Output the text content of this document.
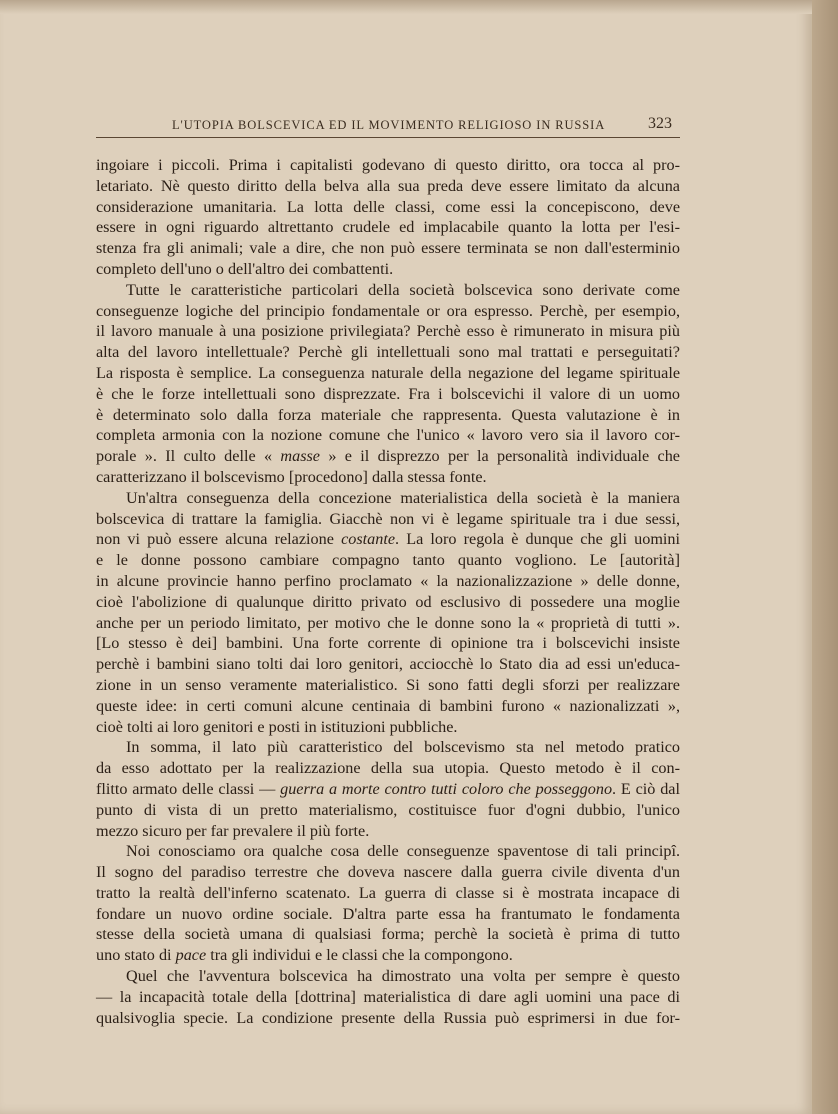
L'UTOPIA BOLSCEVICA ED IL MOVIMENTO RELIGIOSO IN RUSSIA	323
ingoiare i piccoli. Prima i capitalisti godevano di questo diritto, ora tocca al pro-
letariato. Nè questo diritto della belva alla sua preda deve essere limitato da alcuna
considerazione umanitaria. La lotta delle classi, come essi la concepiscono, deve
essere in ogni riguardo altrettanto crudele ed implacabile quanto la lotta per l'esi-
stenza fra gli animali; vale a dire, che non può essere terminata se non dall'esterminio
completo dell'uno o dell'altro dei combattenti.
Tutte le caratteristiche particolari della società bolscevica sono derivate come
conseguenze logiche del principio fondamentale or ora espresso. Perchè, per esempio,
il lavoro manuale à una posizione privilegiata? Perchè esso è rimunerato in misura più
alta del lavoro intellettuale? Perchè gli intellettuali sono mal trattati e perseguitati?
La risposta è semplice. La conseguenza naturale della negazione del legame spirituale
è che le forze intellettuali sono disprezzate. Fra i bolscevichi il valore di un uomo
è determinato solo dalla forza materiale che rappresenta. Questa valutazione è in
completa armonia con la nozione comune che l'unico « lavoro vero sia il lavoro cor-
porale ». Il culto delle « masse » e il disprezzo per la personalità individuale che
caratterizzano il bolscevismo [procedono] dalla stessa fonte.
Un'altra conseguenza della concezione materialistica della società è la maniera
bolscevica di trattare la famiglia. Giacchè non vi è legame spirituale tra i due sessi,
non vi può essere alcuna relazione costante. La loro regola è dunque che gli uomini
e le donne possono cambiare compagno tanto quanto vogliono. Le [autorità]
in alcune provincie hanno perfino proclamato « la nazionalizzazione » delle donne,
cioè l'abolizione di qualunque diritto privato od esclusivo di possedere una moglie
anche per un periodo limitato, per motivo che le donne sono la « proprietà di tutti ».
[Lo stesso è dei] bambini. Una forte corrente di opinione tra i bolscevichi insiste
perchè i bambini siano tolti dai loro genitori, acciocchè lo Stato dia ad essi un'educa-
zione in un senso veramente materialistico. Si sono fatti degli sforzi per realizzare
queste idee: in certi comuni alcune centinaia di bambini furono « nazionalizzati »,
cioè tolti ai loro genitori e posti in istituzioni pubbliche.
In somma, il lato più caratteristico del bolscevismo sta nel metodo pratico
da esso adottato per la realizzazione della sua utopia. Questo metodo è il con-
flitto armato delle classi — guerra a morte contro tutti coloro che posseggono. E ciò dal
punto di vista di un pretto materialismo, costituisce fuor d'ogni dubbio, l'unico
mezzo sicuro per far prevalere il più forte.
Noi conosciamo ora qualche cosa delle conseguenze spaventose di tali principî.
Il sogno del paradiso terrestre che doveva nascere dalla guerra civile diventa d'un
tratto la realtà dell'inferno scatenato. La guerra di classe si è mostrata incapace di
fondare un nuovo ordine sociale. D'altra parte essa ha frantumato le fondamenta
stesse della società umana di qualsiasi forma; perchè la società è prima di tutto
uno stato di pace tra gli individui e le classi che la compongono.
Quel che l'avventura bolscevica ha dimostrato una volta per sempre è questo
— la incapacità totale della [dottrina] materialistica di dare agli uomini una pace di
qualsivoglia specie. La condizione presente della Russia può esprimersi in due for-
